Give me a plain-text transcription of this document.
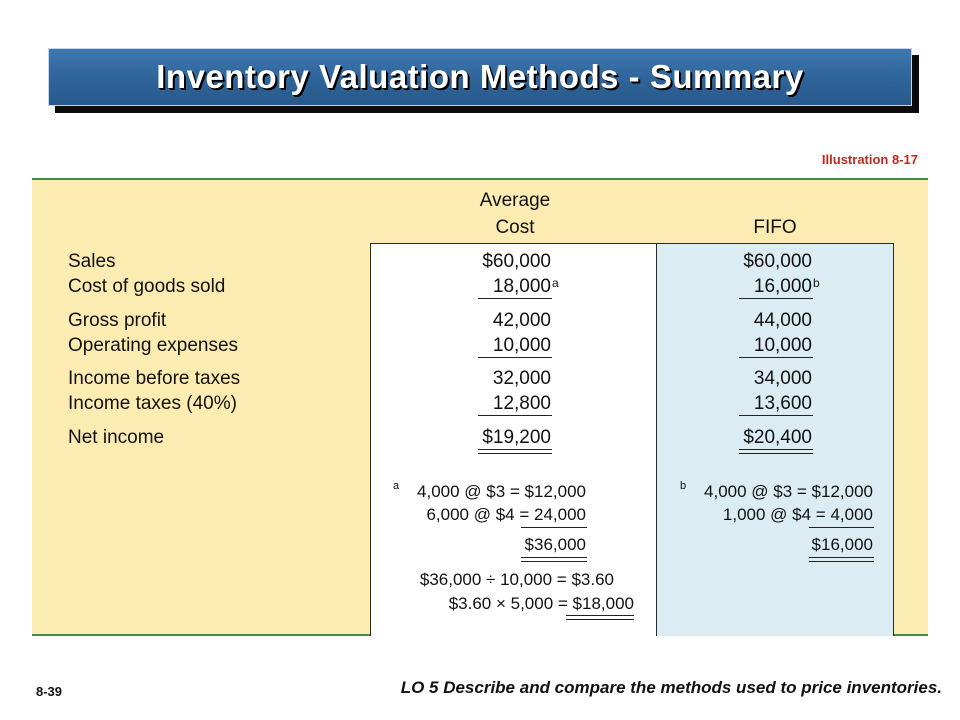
Inventory Valuation Methods - Summary
Illustration 8-17
Average
Cost	FIFO
Sales
Cost of goods sold
Gross profit
Operating expenses
Income before taxes
Income taxes (40%)
Net income
$60,000
18,000 a
42,000
10,000
32,000
12,800
$19,200
$60,000
16,000 b
44,000
10,000
34,000
13,600
$20,400
a 4,000 @ $3 = $12,000
6,000 @ $4 = 24,000
$36,000
$36,000 ÷ 10,000 = $3.60
$3.60 × 5,000 = $18,000
b 4,000 @ $3 = $12,000
1,000 @ $4 = 4,000
$16,000
8-39	LO 5 Describe and compare the methods used to price inventories.
